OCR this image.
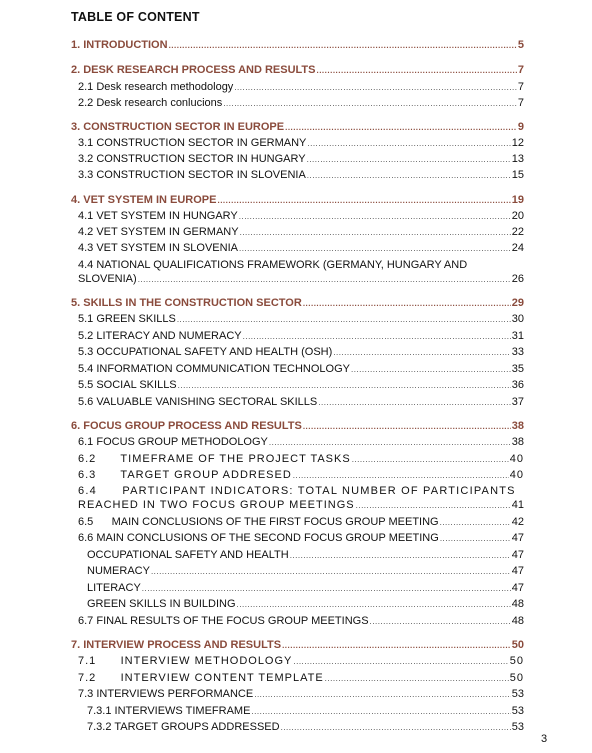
TABLE OF CONTENT
1. INTRODUCTION .....	5
2. DESK RESEARCH PROCESS AND RESULTS .....	7
2.1 Desk research methodology .....	7
2.2 Desk research conlucions .....	7
3. CONSTRUCTION SECTOR IN EUROPE .....	9
3.1 CONSTRUCTION SECTOR IN GERMANY .....	12
3.2 CONSTRUCTION SECTOR IN HUNGARY .....	13
3.3 CONSTRUCTION SECTOR IN SLOVENIA .....	15
4. VET SYSTEM IN EUROPE .....	19
4.1 VET SYSTEM IN HUNGARY .....	20
4.2 VET SYSTEM IN GERMANY .....	22
4.3 VET SYSTEM IN SLOVENIA .....	24
4.4 NATIONAL QUALIFICATIONS FRAMEWORK (GERMANY, HUNGARY AND
SLOVENIA) .....	26
5. SKILLS IN THE CONSTRUCTION SECTOR .....	29
5.1 GREEN SKILLS .....	30
5.2 LITERACY AND NUMERACY .....	31
5.3 OCCUPATIONAL SAFETY AND HEALTH (OSH) .....	33
5.4 INFORMATION COMMUNICATION TECHNOLOGY .....	35
5.5 SOCIAL SKILLS .....	36
5.6 VALUABLE VANISHING SECTORAL SKILLS .....	37
6. FOCUS GROUP PROCESS AND RESULTS .....	38
6.1 FOCUS GROUP METHODOLOGY .....	38
6.2      TIMEFRAME OF THE PROJECT TASKS .....	40
6.3      TARGET GROUP ADDRESED .....	40
6.4      PARTICIPANT INDICATORS: TOTAL NUMBER OF PARTICIPANTS
REACHED IN TWO FOCUS GROUP MEETINGS .....	41
6.5      MAIN CONCLUSIONS OF THE FIRST FOCUS GROUP MEETING .....	42
6.6 MAIN CONCLUSIONS OF THE SECOND FOCUS GROUP MEETING .....	47
OCCUPATIONAL SAFETY AND HEALTH .....	47
NUMERACY .....	47
LITERACY .....	47
GREEN SKILLS IN BUILDING .....	48
6.7 FINAL RESULTS OF THE FOCUS GROUP MEETINGS .....	48
7. INTERVIEW PROCESS AND RESULTS .....	50
7.1      INTERVIEW METHODOLOGY .....	50
7.2      INTERVIEW CONTENT TEMPLATE .....	50
7.3 INTERVIEWS PERFORMANCE .....	53
7.3.1 INTERVIEWS TIMEFRAME .....	53
7.3.2 TARGET GROUPS ADDRESSED .....	53
3
